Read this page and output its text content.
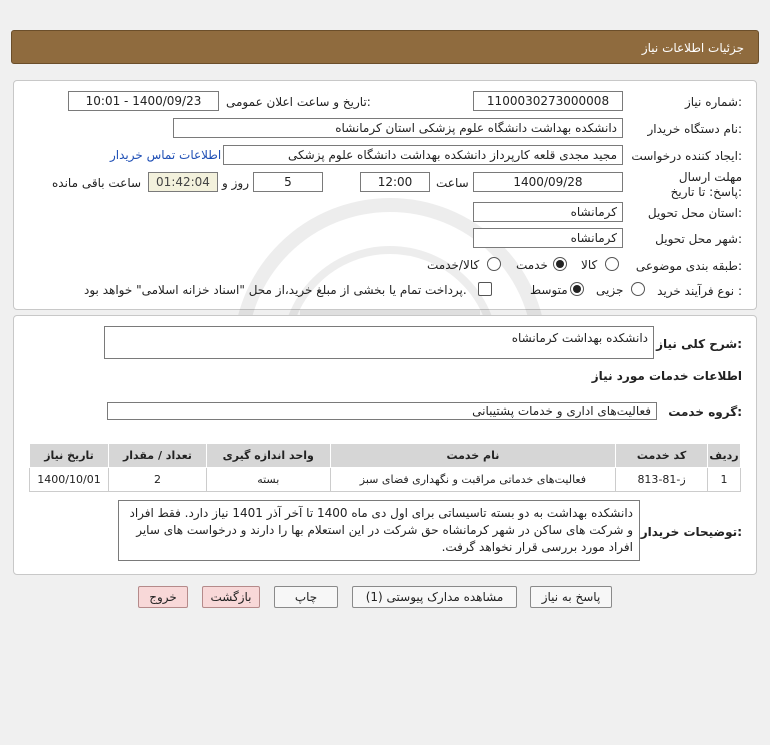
جزئیات اطلاعات نیاز
شماره نیاز:
1100030273000008
تاریخ و ساعت اعلان عمومی:
1400/09/23 - 10:01
نام دستگاه خریدار:
دانشکده بهداشت دانشگاه علوم پزشکی استان کرمانشاه
ایجاد کننده درخواست:
مجید مجدی قلعه کارپرداز دانشکده بهداشت دانشگاه علوم پزشکی
اطلاعات تماس خریدار
مهلت ارسال پاسخ: تا تاریخ:
1400/09/28
ساعت
12:00
5
روز و
01:42:04
ساعت باقی مانده
استان محل تحویل:
کرمانشاه
شهر محل تحویل:
کرمانشاه
طبقه بندی موضوعی:
کالا
خدمت
کالا/خدمت
نوع فرآیند خرید :
جزیی
متوسط
پرداخت تمام یا بخشی از مبلغ خرید،از محل "اسناد خزانه اسلامی" خواهد بود.
شرح کلی نیاز:
دانشکده بهداشت کرمانشاه
اطلاعات خدمات مورد نیاز
گروه خدمت:
فعالیت‌های اداری و خدمات پشتیبانی
ردیف	کد خدمت	نام خدمت	واحد اندازه گیری	تعداد / مقدار	تاریخ نیاز
1	ز-81-813	فعالیت‌های خدماتی مراقبت و نگهداری فضای سبز	بسته	2	1400/10/01
توضیحات خریدار:
دانشکده بهداشت به دو بسته تاسیساتی برای اول دی ماه 1400 تا آخر آذر 1401 نیاز دارد. فقط افراد و شرکت های ساکن در شهر کرمانشاه حق شرکت در این استعلام بها را دارند و درخواست های سایر افراد مورد بررسی قرار نخواهد گرفت.
پاسخ به نیاز
مشاهده مدارک پیوستی (1)
چاپ
بازگشت
خروج
